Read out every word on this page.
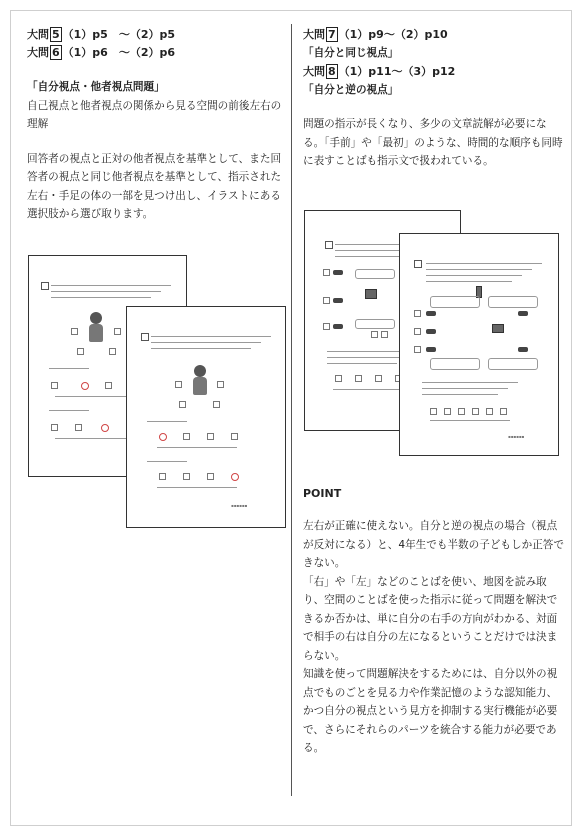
大問 5 （1）p5　～（2）p5
大問 6 （1）p6　～（2）p6
「自分視点・他者視点問題」

自己視点と他者視点の関係から見る空間の前後左右の理解

回答者の視点と正対の他者視点を基準として、また回答者の視点と同じ他者視点を基準として、指示された左右・手足の体の一部を見つけ出し、イラストにある選択肢から選び取ります。

▪▪▪▪▪▪
大問 7 （1）p9～（2）p10
「自分と同じ視点」
大問 8 （1）p11～（3）p12
「自分と逆の視点」

問題の指示が長くなり、多少の文章読解が必要になる。「手前」や「最初」のような、時間的な順序も同時に表すことばも指示文で扱われている。

▪▪▪▪▪▪
POINT

左右が正確に使えない。自分と逆の視点の場合（視点が反対になる）と、4年生でも半数の子どもしか正答できない。

「右」や「左」などのことばを使い、地図を読み取り、空間のことばを使った指示に従って問題を解決できるか否かは、単に自分の右手の方向がわかる、対面で相手の右は自分の左になるということだけでは決まらない。

知識を使って問題解決をするためには、自分以外の視点でものごとを見る力や作業記憶のような認知能力、かつ自分の視点という見方を抑制する実行機能が必要で、さらにそれらのパーツを統合する能力が必要である。
